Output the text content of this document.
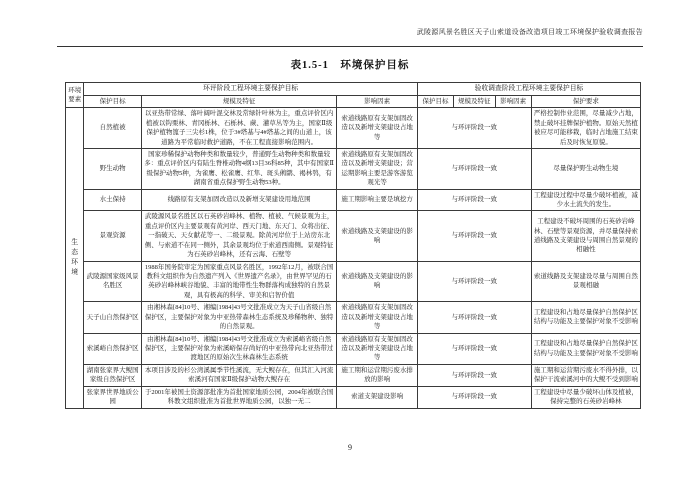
武陵源风景名胜区天子山索道设备改造项目竣工环境保护验收调查报告
表1.5-1　环境保护目标
环境要素	环评阶段工程环境主要保护目标			验收调查阶段工程环境主要保护目标			
	保护目标	规模及特征	影响因素	保护目标	规模及特征	影响因素	保护要求
生态环境	自然植被	以亚热带常绿、落叶阔叶混交林及常绿针叶林为主，重点评价区内植被以钩栗林、青冈栎林、石栎林、蕨、灌草丛等为主，国家Ⅱ级保护植物篦子三尖杉1株，位于3#塔基与4#塔基之间的山道上，该道路为平常临时救护道路，不在工程直接影响范围内。	索道线路原有支架加固改造以及新增支架建设占地等	与环评阶段一致			严格控制作业范围，尽量减少占地，禁止破坏挂牌保护植物。原始天然植被应尽可能移栽，临时占地施工结束后及时恢复原貌。
	野生动物	国家珍稀保护动物种类和数量较少，普通野生动物种类和数量较多：重点评价区内有陆生脊椎动物4纲13目36科85种，其中有国家Ⅱ级保护动物5种，为雀鹰、松雀鹰、红隼、斑头鸺鹠、褐林鸮，有湖南省重点保护野生动物53种。	索道线路原有支架加固改造以及新增支架建设；营运期影响主要是游客游览观光等	与环评阶段一致			尽量保护野生动物生境
	水土保持	线路原有支架加固改造以及新增支架建设用地范围	施工期影响主要是填挖方	与环评阶段一致			工程建设过程中尽量少破坏植被，减少水土流失的发生。
	景观资源	武陵源风景名胜区以石英砂岩峰林、植物、植被、气候景观为主，重点评价区内主要景观有黄河岸、西天门地、东天门、众将出征、一指破天、天女献花等一、二级景观。除黄河岸位于上站房东北侧、与索道不在同一侧外，其余景观均位于索道西南侧。景观特征为石英砂岩峰林，还有云海、石壁等	索道线路及支架建设的影响	与环评阶段一致			工程建设不破坏周围的石英砂岩峰林、石壁等景观资源，并尽量保持索道线路及支架建设与周围自然景观的相融性
	武陵源国家级风景名胜区	1988年国务院审定为国家重点风景名胜区，1992年12月，被联合国教科文组织作为自然遗产列入《世界遗产名录》，由世界罕见的石英砂岩峰林峡谷地貌、丰富的地带性生物群落构成独特的自然景观，具有极高的科学、审美和启智价值	索道线路及支架建设的影响	与环评阶段一致			索道线路及支架建设尽量与周围自然景观相融
	天子山自然保护区	由湘林森[84]10号、湘编[1984]43号文批准成立为天子山省级自然保护区，主要保护对象为中亚热带森林生态系统及珍稀物种、独特的自然景观。	索道线路原有支架加固改造以及新增支架建设占地等	与环评阶段一致			工程建设和占地尽量保护自然保护区结构与功能及主要保护对象不受影响
	索溪峪自然保护区	由湘林森[84]10号、湘编[1984]43号文批准成立为索溪峪省级自然保护区，主要保护对象为索溪峪保存尚好的中亚热带向北亚热带过渡地区的原始次生林森林生态系统	索道线路原有支架加固改造以及新增支架建设占地等	与环评阶段一致			工程建设和占地尽量保护自然保护区结构与功能及主要保护对象不受影响
	湖南张家界大鲵国家级自然保护区	本项目涉及的杉公湾溪属季节性溪流，无大鲵存在，但其汇入河流索溪河有国家Ⅱ级保护动物大鲵存在	施工期和运营期污废水排放的影响	与环评阶段一致			施工期和运营期污废水不得外排，以保护干流索溪河中的大鲵不受到影响
	张家界世界地质公园	于2001年被国土资源部批准为首批国家地质公园，2004年被联合国科教文组织批准为首批世界地质公园，以独一无二	索道支架建设影响	与环评阶段一致			工程建设中尽量少破坏山体及植被，保持完整的石英砂岩峰林
9
